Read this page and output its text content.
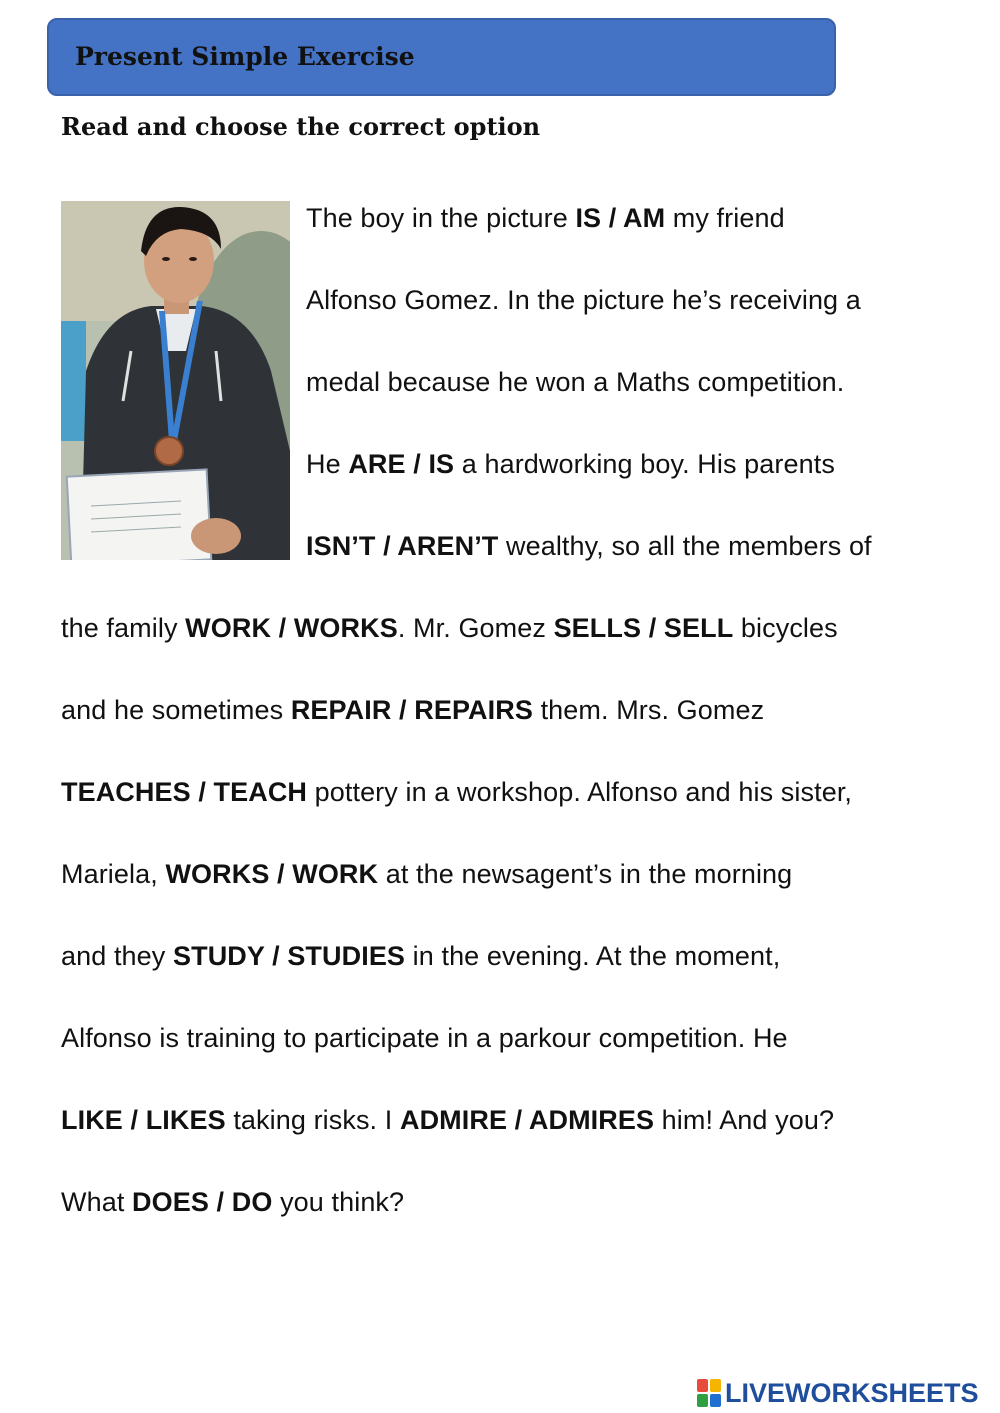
Present Simple Exercise
Read and choose the correct option
The boy in the picture IS / AM my friend
Alfonso Gomez. In the picture he’s receiving a
medal because he won a Maths competition.
He ARE / IS a hardworking boy. His parents
ISN’T / AREN’T wealthy, so all the members of
the family WORK / WORKS. Mr. Gomez SELLS / SELL bicycles
and he sometimes REPAIR / REPAIRS them. Mrs. Gomez
TEACHES / TEACH pottery in a workshop. Alfonso and his sister,
Mariela, WORKS / WORK at the newsagent’s in the morning
and they STUDY / STUDIES in the evening. At the moment,
Alfonso is training to participate in a parkour competition. He
LIKE / LIKES taking risks. I ADMIRE / ADMIRES him! And you?
What DOES / DO you think?
LIVEWORKSHEETS
